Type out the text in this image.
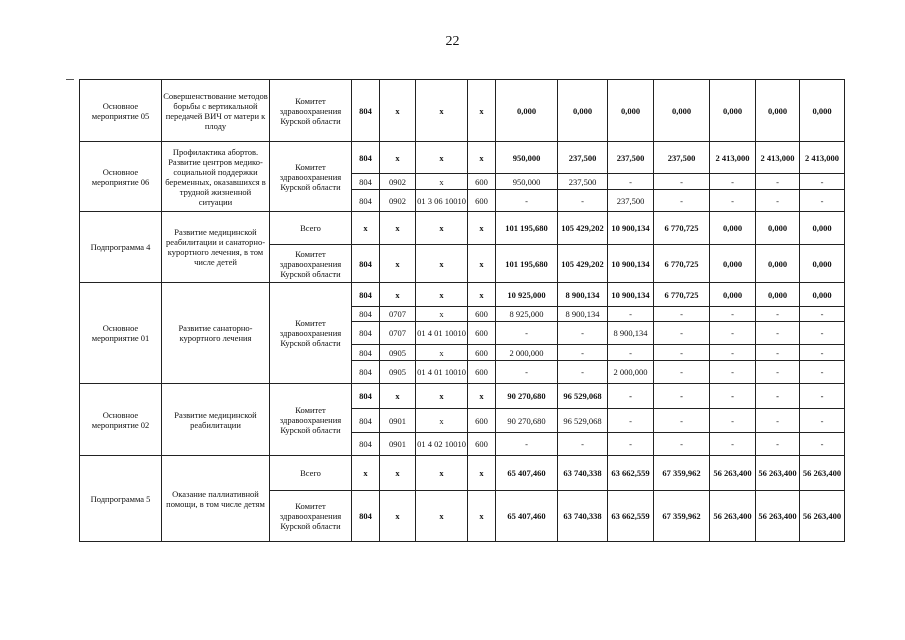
22
Основное мероприятие 05	Совершенствование методов борьбы с вертикальной передачей ВИЧ от матери к плоду	Комитет здравоохранения Курской области	804	x	x	x	0,000	0,000	0,000	0,000	0,000	0,000	0,000
Основное мероприятие 06	Профилактика абортов. Развитие центров медико-социальной поддержки беременных, оказавшихся в трудной жизненной ситуации	Комитет здравоохранения Курской области	804	x	x	x	950,000	237,500	237,500	237,500	2 413,000	2 413,000	2 413,000
			804	0902	x	600	950,000	237,500	-	-	-	-	-
			804	0902	01 3 06 10010	600	-	-	237,500	-	-	-	-
Подпрограмма 4	Развитие медицинской реабилитации и санаторно-курортного лечения, в том числе детей	Всего	x	x	x	x	101 195,680	105 429,202	10 900,134	6 770,725	0,000	0,000	0,000
		Комитет здравоохранения Курской области	804	x	x	x	101 195,680	105 429,202	10 900,134	6 770,725	0,000	0,000	0,000
Основное мероприятие 01	Развитие санаторно-курортного лечения	Комитет здравоохранения Курской области	804	x	x	x	10 925,000	8 900,134	10 900,134	6 770,725	0,000	0,000	0,000
			804	0707	x	600	8 925,000	8 900,134	-	-	-	-	-
			804	0707	01 4 01 10010	600	-	-	8 900,134	-	-	-	-
			804	0905	x	600	2 000,000	-	-	-	-	-	-
			804	0905	01 4 01 10010	600	-	-	2 000,000	-	-	-	-
Основное мероприятие 02	Развитие медицинской реабилитации	Комитет здравоохранения Курской области	804	x	x	x	90 270,680	96 529,068	-	-	-	-	-
			804	0901	x	600	90 270,680	96 529,068	-	-	-	-	-
			804	0901	01 4 02 10010	600	-	-	-	-	-	-	-
Подпрограмма 5	Оказание паллиативной помощи, в том числе детям	Всего	x	x	x	x	65 407,460	63 740,338	63 662,559	67 359,962	56 263,400	56 263,400	56 263,400
		Комитет здравоохранения Курской области	804	x	x	x	65 407,460	63 740,338	63 662,559	67 359,962	56 263,400	56 263,400	56 263,400
